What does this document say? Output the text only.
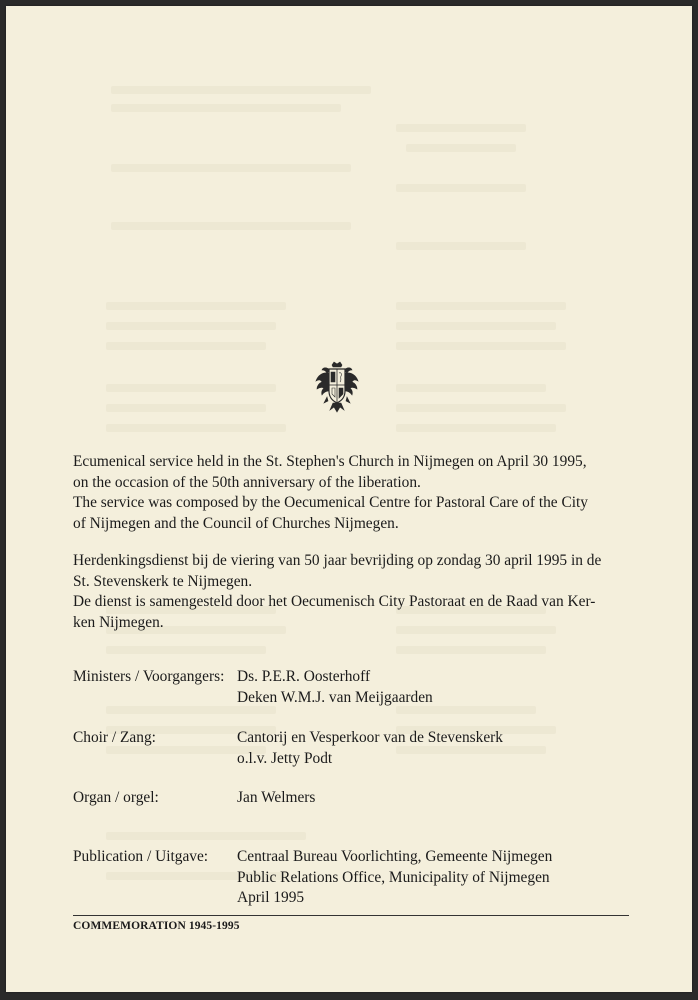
Ecumenical service held in the St. Stephen's Church in Nijmegen on April 30 1995,

on the occasion of the 50th anniversary of the liberation.

The service was composed by the Oecumenical Centre for Pastoral Care of the City

of Nijmegen and the Council of Churches Nijmegen.

Herdenkingsdienst bij de viering van 50 jaar bevrijding op zondag 30 april 1995 in de

St. Stevenskerk te Nijmegen.

De dienst is samengesteld door het Oecumenisch City Pastoraat en de Raad van Ker-

ken Nijmegen.

Ministers / Voorgangers: Ds. P.E.R. Oosterhoff
Deken W.M.J. van Meijgaarden
Choir / Zang:	Cantorij en Vesperkoor van de Stevenskerk
o.l.v. Jetty Podt
Organ / orgel:	Jan Welmers
Publication / Uitgave:	Centraal Bureau Voorlichting, Gemeente Nijmegen
Public Relations Office, Municipality of Nijmegen
April 1995
COMMEMORATION 1945-1995
